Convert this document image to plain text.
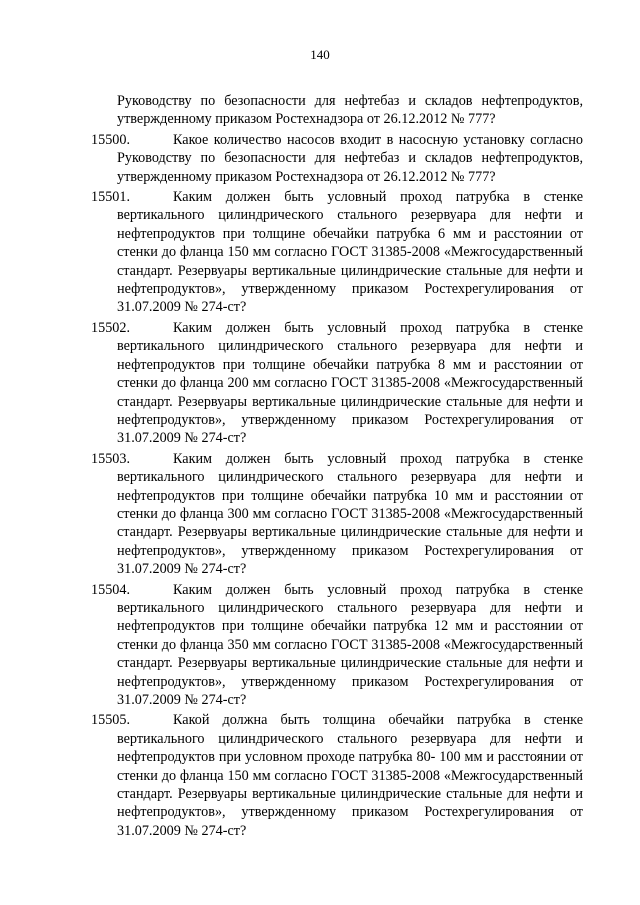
140
Руководству по безопасности для нефтебаз и складов нефтепродуктов, утвержденному приказом Ростехнадзора от 26.12.2012 № 777?
15500.	Какое количество насосов входит в насосную установку согласно Руководству по безопасности для нефтебаз и складов нефтепродуктов, утвержденному приказом Ростехнадзора от 26.12.2012 № 777?
15501.	Каким должен быть условный проход патрубка в стенке вертикального цилиндрического стального резервуара для нефти и нефтепродуктов при толщине обечайки патрубка 6 мм и расстоянии от стенки до фланца 150 мм согласно ГОСТ 31385-2008 «Межгосударственный стандарт. Резервуары вертикальные цилиндрические стальные для нефти и нефтепродуктов», утвержденному приказом Ростехрегулирования от 31.07.2009 № 274-ст?
15502.	Каким должен быть условный проход патрубка в стенке вертикального цилиндрического стального резервуара для нефти и нефтепродуктов при толщине обечайки патрубка 8 мм и расстоянии от стенки до фланца 200 мм согласно ГОСТ 31385-2008 «Межгосударственный стандарт. Резервуары вертикальные цилиндрические стальные для нефти и нефтепродуктов», утвержденному приказом Ростехрегулирования от 31.07.2009 № 274-ст?
15503.	Каким должен быть условный проход патрубка в стенке вертикального цилиндрического стального резервуара для нефти и нефтепродуктов при толщине обечайки патрубка 10 мм и расстоянии от стенки до фланца 300 мм согласно ГОСТ 31385-2008 «Межгосударственный стандарт. Резервуары вертикальные цилиндрические стальные для нефти и нефтепродуктов», утвержденному приказом Ростехрегулирования от 31.07.2009 № 274-ст?
15504.	Каким должен быть условный проход патрубка в стенке вертикального цилиндрического стального резервуара для нефти и нефтепродуктов при толщине обечайки патрубка 12 мм и расстоянии от стенки до фланца 350 мм согласно ГОСТ 31385-2008 «Межгосударственный стандарт. Резервуары вертикальные цилиндрические стальные для нефти и нефтепродуктов», утвержденному приказом Ростехрегулирования от 31.07.2009 № 274-ст?
15505.	Какой должна быть толщина обечайки патрубка в стенке вертикального цилиндрического стального резервуара для нефти и нефтепродуктов при условном проходе патрубка 80- 100 мм и расстоянии от стенки до фланца 150 мм согласно ГОСТ 31385-2008 «Межгосударственный стандарт. Резервуары вертикальные цилиндрические стальные для нефти и нефтепродуктов», утвержденному приказом Ростехрегулирования от 31.07.2009 № 274-ст?
